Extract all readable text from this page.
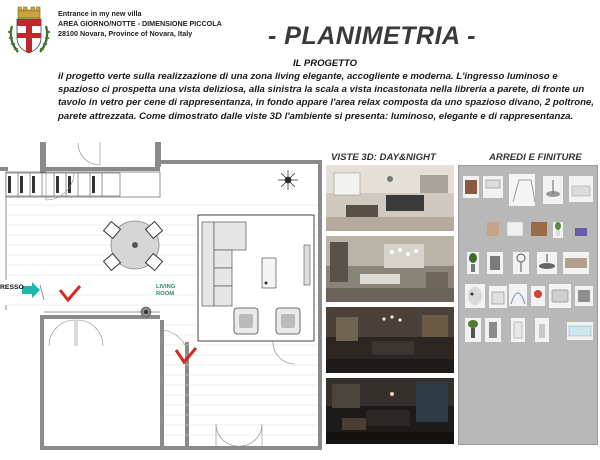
Entrance in my new villa
AREA GIORNO/NOTTE - DIMENSIONE PICCOLA
28100 Novara, Province of Novara, Italy	- PLANIMETRIA -
IL PROGETTO
il progetto verte sulla realizzazione di una zona living elegante, accogliente e moderna. L'ingresso luminoso e spazioso ci prospetta una vista deliziosa, alla sinistra la scala a vista incastonata nella libreria a parete, di fronte un tavolo in vetro per cene di rappresentanza, in fondo appare l'area relax composta da uno spazioso divano, 2 poltrone, parete attrezzata. Come dimostrato dalle viste 3D l'ambiente si presenta: luminoso, elegante e di rappresentanza.
RESSO	LIVING
ROOM
VISTE 3D: DAY&NIGHT	ARREDI E FINITURE
